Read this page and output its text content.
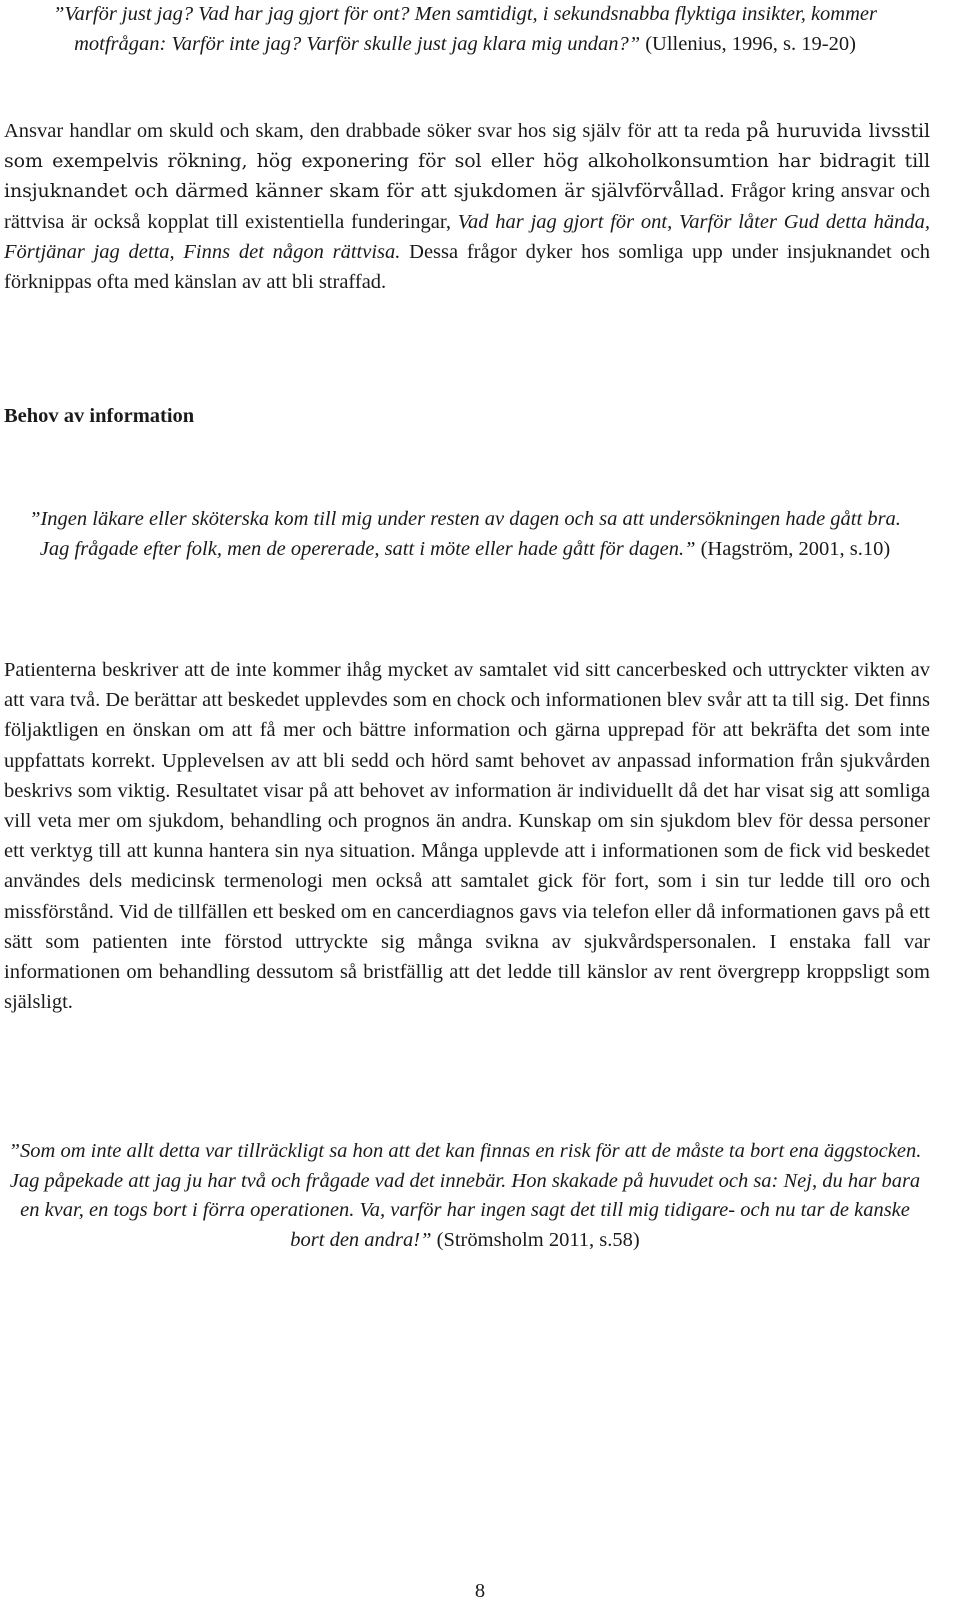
”Varför just jag? Vad har jag gjort för ont? Men samtidigt, i sekundsnabba flyktiga insikter, kommer motfrågan: Varför inte jag? Varför skulle just jag klara mig undan?” (Ullenius, 1996, s. 19-20)

Ansvar handlar om skuld och skam, den drabbade söker svar hos sig själv för att ta reda på huruvida livsstil som exempelvis rökning, hög exponering för sol eller hög alkoholkonsumtion har bidragit till insjuknandet och därmed känner skam för att sjukdomen är självförvållad. Frågor kring ansvar och rättvisa är också kopplat till existentiella funderingar, Vad har jag gjort för ont, Varför låter Gud detta hända, Förtjänar jag detta, Finns det någon rättvisa. Dessa frågor dyker hos somliga upp under insjuknandet och förknippas ofta med känslan av att bli straffad.

Behov av information

”Ingen läkare eller sköterska kom till mig under resten av dagen och sa att undersökningen hade gått bra. Jag frågade efter folk, men de opererade, satt i möte eller hade gått för dagen.” (Hagström, 2001, s.10)

Patienterna beskriver att de inte kommer ihåg mycket av samtalet vid sitt cancerbesked och uttryckter vikten av att vara två. De berättar att beskedet upplevdes som en chock och informationen blev svår att ta till sig. Det finns följaktligen en önskan om att få mer och bättre information och gärna upprepad för att bekräfta det som inte uppfattats korrekt. Upplevelsen av att bli sedd och hörd samt behovet av anpassad information från sjukvården beskrivs som viktig. Resultatet visar på att behovet av information är individuellt då det har visat sig att somliga vill veta mer om sjukdom, behandling och prognos än andra. Kunskap om sin sjukdom blev för dessa personer ett verktyg till att kunna hantera sin nya situation. Många upplevde att i informationen som de fick vid beskedet användes dels medicinsk termenologi men också att samtalet gick för fort, som i sin tur ledde till oro och missförstånd. Vid de tillfällen ett besked om en cancerdiagnos gavs via telefon eller då informationen gavs på ett sätt som patienten inte förstod uttryckte sig många svikna av sjukvårdspersonalen. I enstaka fall var informationen om behandling dessutom så bristfällig att det ledde till känslor av rent övergrepp kroppsligt som själsligt.

”Som om inte allt detta var tillräckligt sa hon att det kan finnas en risk för att de måste ta bort ena äggstocken. Jag påpekade att jag ju har två och frågade vad det innebär. Hon skakade på huvudet och sa: Nej, du har bara en kvar, en togs bort i förra operationen. Va, varför har ingen sagt det till mig tidigare- och nu tar de kanske bort den andra!” (Strömsholm 2011, s.58)

8
